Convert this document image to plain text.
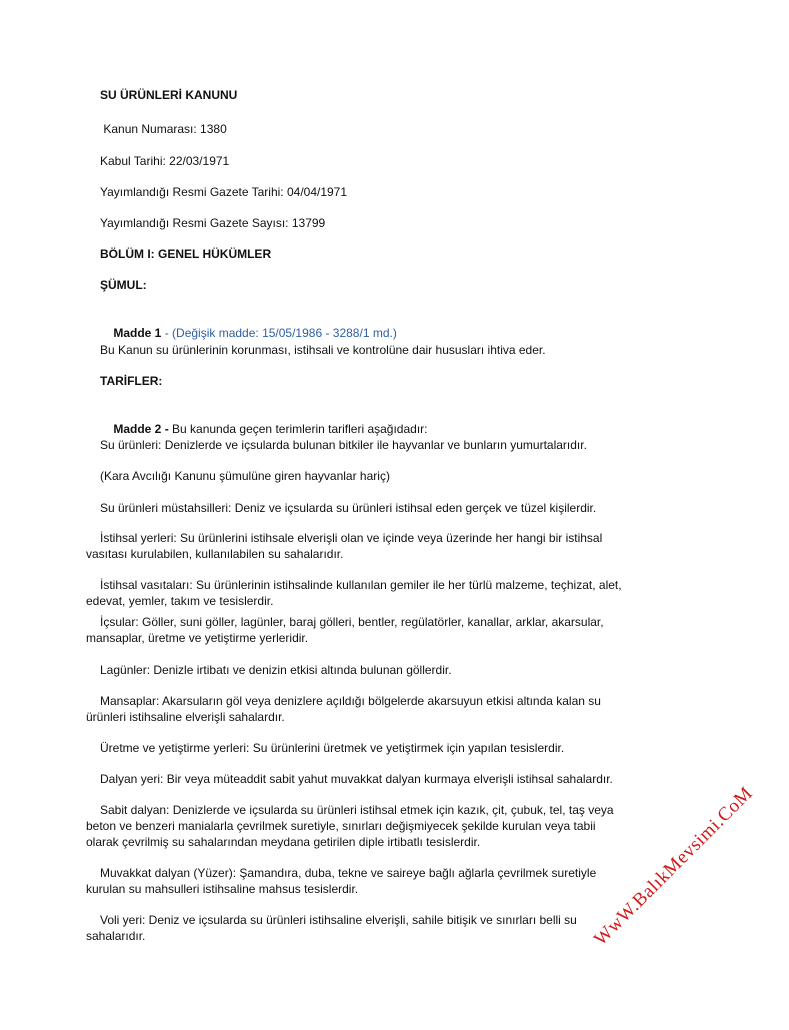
SU ÜRÜNLERİ KANUNU
Kanun Numarası: 1380
Kabul Tarihi: 22/03/1971
Yayımlandığı Resmi Gazete Tarihi: 04/04/1971
Yayımlandığı Resmi Gazete Sayısı: 13799
BÖLÜM I: GENEL HÜKÜMLER
ŞÜMUL:

Madde 1 - (Değişik madde: 15/05/1986 - 3288/1 md.)

Bu Kanun su ürünlerinin korunması, istihsali ve kontrolüne dair hususları ihtiva eder.
TARİFLER:

Madde 2 - Bu kanunda geçen terimlerin tarifleri aşağıdadır:

Su ürünleri: Denizlerde ve içsularda bulunan bitkiler ile hayvanlar ve bunların yumurtalarıdır.
(Kara Avcılığı Kanunu şümulüne giren hayvanlar hariç)
Su ürünleri müstahsilleri: Deniz ve içsularda su ürünleri istihsal eden gerçek ve tüzel kişilerdir.
İstihsal yerleri: Su ürünlerini istihsale elverişli olan ve içinde veya üzerinde her hangi bir istihsal
vasıtası kurulabilen, kullanılabilen su sahalarıdır.
İstihsal vasıtaları: Su ürünlerinin istihsalinde kullanılan gemiler ile her türlü malzeme, teçhizat, alet,
edevat, yemler, takım ve tesislerdir.
İçsular: Göller, suni göller, lagünler, baraj gölleri, bentler, regülatörler, kanallar, arklar, akarsular,
mansaplar, üretme ve yetiştirme yerleridir.
Lagünler: Denizle irtibatı ve denizin etkisi altında bulunan göllerdir.
Mansaplar: Akarsuların göl veya denizlere açıldığı bölgelerde akarsuyun etkisi altında kalan su
ürünleri istihsaline elverişli sahalardır.
Üretme ve yetiştirme yerleri: Su ürünlerini üretmek ve yetiştirmek için yapılan tesislerdir.
Dalyan yeri: Bir veya müteaddit sabit yahut muvakkat dalyan kurmaya elverişli istihsal sahalardır.
Sabit dalyan: Denizlerde ve içsularda su ürünleri istihsal etmek için kazık, çit, çubuk, tel, taş veya
beton ve benzeri manialarla çevrilmek suretiyle, sınırları değişmiyecek şekilde kurulan veya tabii
olarak çevrilmiş su sahalarından meydana getirilen diple irtibatlı tesislerdir.
Muvakkat dalyan (Yüzer): Şamandıra, duba, tekne ve saireye bağlı ağlarla çevrilmek suretiyle
kurulan su mahsulleri istihsaline mahsus tesislerdir.
Voli yeri: Deniz ve içsularda su ürünleri istihsaline elverişli, sahile bitişik ve sınırları belli su
sahalarıdır.	WwW.BalıkMevsimi.CoM
